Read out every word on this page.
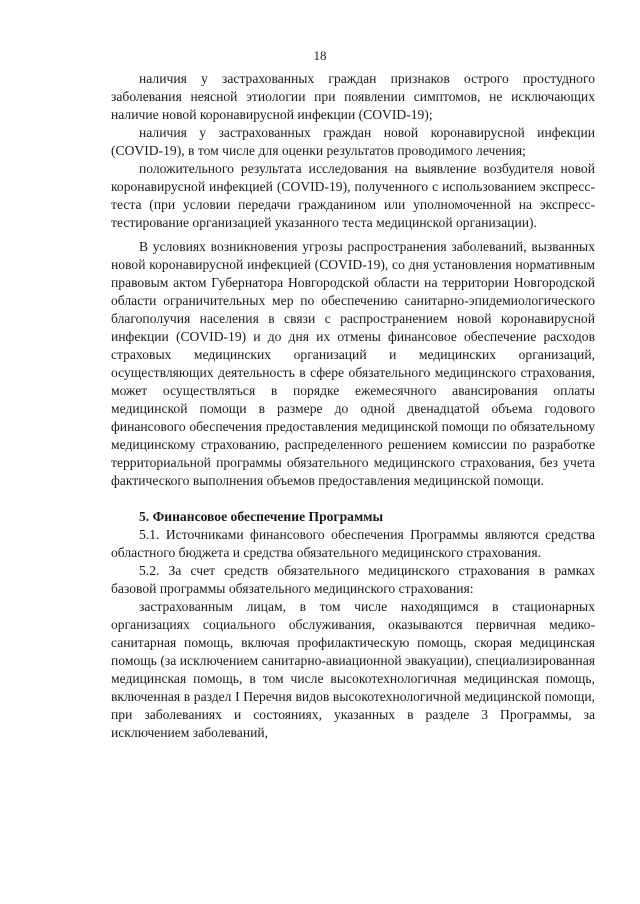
18

наличия у застрахованных граждан признаков острого простудного заболевания неясной этиологии при появлении симптомов, не исключающих наличие новой коронавирусной инфекции (COVID-19);

наличия у застрахованных граждан новой коронавирусной инфекции (COVID-19), в том числе для оценки результатов проводимого лечения;

положительного результата исследования на выявление возбудителя новой коронавирусной инфекцией (COVID-19), полученного с использованием экспресс-теста (при условии передачи гражданином или уполномоченной на экспресс-тестирование организацией указанного теста медицинской организации).

В условиях возникновения угрозы распространения заболеваний, вызванных новой коронавирусной инфекцией (COVID-19), со дня установления нормативным правовым актом Губернатора Новгородской области на территории Новгородской области ограничительных мер по обеспечению санитарно-эпидемиологического благополучия населения в связи с распространением новой коронавирусной инфекции (COVID-19) и до дня их отмены финансовое обеспечение расходов страховых медицинских организаций и медицинских организаций, осуществляющих деятельность в сфере обязательного медицинского страхования, может осуществляться в порядке ежемесячного авансирования оплаты медицинской помощи в размере до одной двенадцатой объема годового финансового обеспечения предоставления медицинской помощи по обязательному медицинскому страхованию, распределенного решением комиссии по разработке территориальной программы обязательного медицинского страхования, без учета фактического выполнения объемов предоставления медицинской помощи.

5. Финансовое обеспечение Программы

5.1. Источниками финансового обеспечения Программы являются средства областного бюджета и средства обязательного медицинского страхования.

5.2. За счет средств обязательного медицинского страхования в рамках базовой программы обязательного медицинского страхования:

застрахованным лицам, в том числе находящимся в стационарных организациях социального обслуживания, оказываются первичная медико-санитарная помощь, включая профилактическую помощь, скорая медицинская помощь (за исключением санитарно-авиационной эвакуации), специализированная медицинская помощь, в том числе высокотехнологичная медицинская помощь, включенная в раздел I Перечня видов высокотехнологичной медицинской помощи, при заболеваниях и состояниях, указанных в разделе 3 Программы, за исключением заболеваний,
